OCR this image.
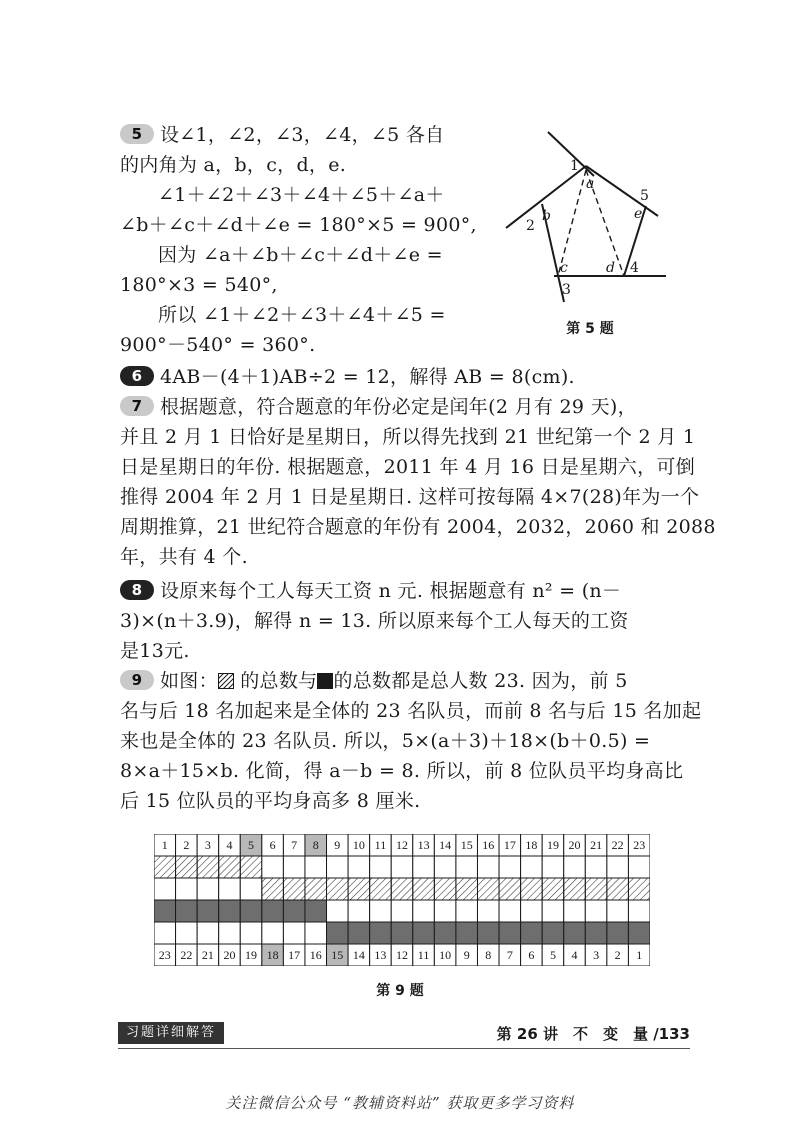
5 设∠1，∠2，∠3，∠4，∠5 各自
的内角为 a，b，c，d，e.
∠1＋∠2＋∠3＋∠4＋∠5＋∠a＋
∠b＋∠c＋∠d＋∠e = 180°×5 = 900°,
因为 ∠a＋∠b＋∠c＋∠d＋∠e =
180°×3 = 540°,
所以 ∠1＋∠2＋∠3＋∠4＋∠5 =
900°－540° = 360°.
1
a
5
e
2
b
c	d 4
3
第 5 题
6 4AB－(4＋1)AB÷2 = 12，解得 AB = 8(cm).
7 根据题意，符合题意的年份必定是闰年(2 月有 29 天)，
并且 2 月 1 日恰好是星期日，所以得先找到 21 世纪第一个 2 月 1
日是星期日的年份. 根据题意，2011 年 4 月 16 日是星期六，可倒
推得 2004 年 2 月 1 日是星期日. 这样可按每隔 4×7(28)年为一个
周期推算，21 世纪符合题意的年份有 2004，2032，2060 和 2088
年，共有 4 个.
8 设原来每个工人每天工资 n 元. 根据题意有 n² = (n－
3)×(n＋3.9)，解得 n = 13. 所以原来每个工人每天的工资
是13元.
9 如图： 的总数与 的总数都是总人数 23. 因为，前 5
名与后 18 名加起来是全体的 23 名队员，而前 8 名与后 15 名加起
来也是全体的 23 名队员. 所以，5×(a＋3)＋18×(b＋0.5) =
8×a＋15×b. 化简，得 a－b = 8. 所以，前 8 位队员平均身高比
后 15 位队员的平均身高多 8 厘米.
1 2 3 4 5 6 7 8 9 10 11 12 13 14 15 16 17 18 19 20 21 22 23
23 22 21 20 19 18 17 16 15 14 13 12 11 10 9 8 7 6 5 4 3 2 1
第 9 题
习题详细解答	第 26 讲　不　变　量 /133
关注微信公众号 “教辅资料站” 获取更多学习资料
